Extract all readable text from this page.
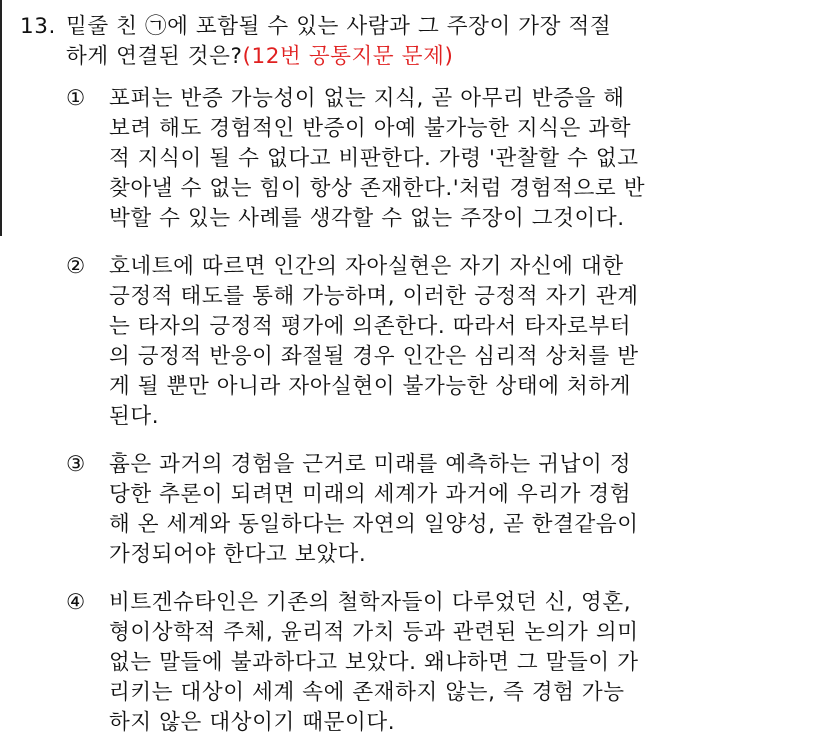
13. 밑줄 친 ㉠에 포함될 수 있는 사람과 그 주장이 가장 적절
하게 연결된 것은?(12번 공통지문 문제)
① 포퍼는 반증 가능성이 없는 지식, 곧 아무리 반증을 해
보려 해도 경험적인 반증이 아예 불가능한 지식은 과학
적 지식이 될 수 없다고 비판한다. 가령 '관찰할 수 없고
찾아낼 수 없는 힘이 항상 존재한다.'처럼 경험적으로 반
박할 수 있는 사례를 생각할 수 없는 주장이 그것이다.
② 호네트에 따르면 인간의 자아실현은 자기 자신에 대한
긍정적 태도를 통해 가능하며, 이러한 긍정적 자기 관계
는 타자의 긍정적 평가에 의존한다. 따라서 타자로부터
의 긍정적 반응이 좌절될 경우 인간은 심리적 상처를 받
게 될 뿐만 아니라 자아실현이 불가능한 상태에 처하게
된다.
③ 흄은 과거의 경험을 근거로 미래를 예측하는 귀납이 정
당한 추론이 되려면 미래의 세계가 과거에 우리가 경험
해 온 세계와 동일하다는 자연의 일양성, 곧 한결같음이
가정되어야 한다고 보았다.
④ 비트겐슈타인은 기존의 철학자들이 다루었던 신, 영혼,
형이상학적 주체, 윤리적 가치 등과 관련된 논의가 의미
없는 말들에 불과하다고 보았다. 왜냐하면 그 말들이 가
리키는 대상이 세계 속에 존재하지 않는, 즉 경험 가능
하지 않은 대상이기 때문이다.
